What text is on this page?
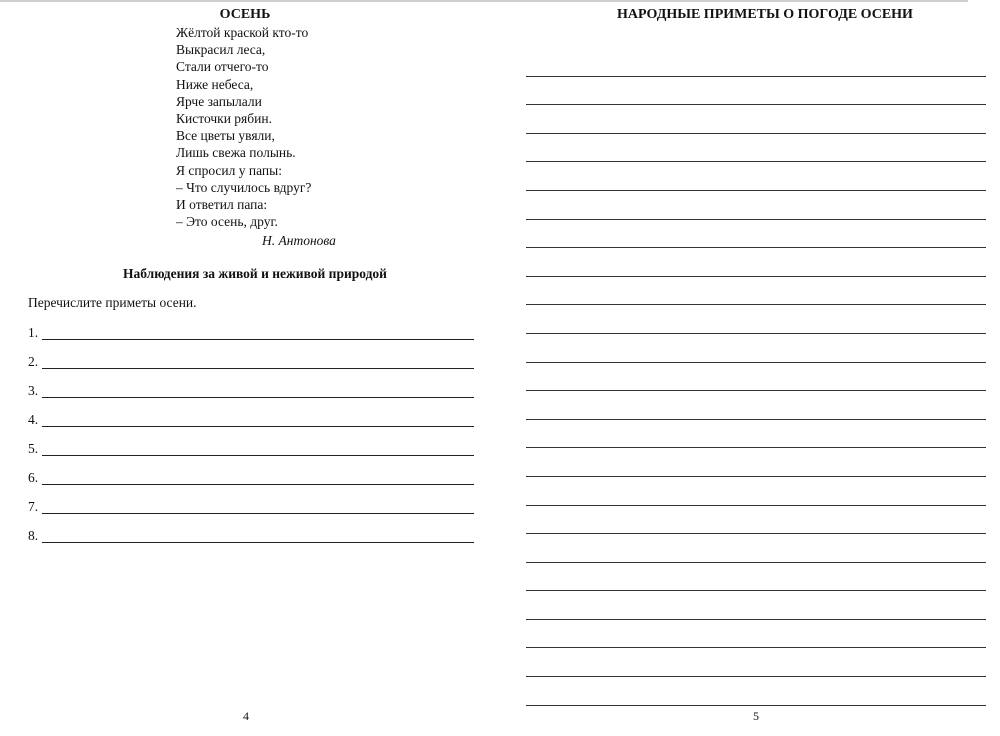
ОСЕНЬ
Жёлтой краской кто-то
Выкрасил леса,
Стали отчего-то
Ниже небеса,
Ярче запылали
Кисточки рябин.
Все цветы увяли,
Лишь свежа полынь.
Я спросил у папы:
– Что случилось вдруг?
И ответил папа:
– Это осень, друг.
Н. Антонова
Наблюдения за живой и неживой природой
Перечислите приметы осени.
1.
2.
3.
4.
5.
6.
7.
8.
4
НАРОДНЫЕ ПРИМЕТЫ О ПОГОДЕ ОСЕНИ
5
